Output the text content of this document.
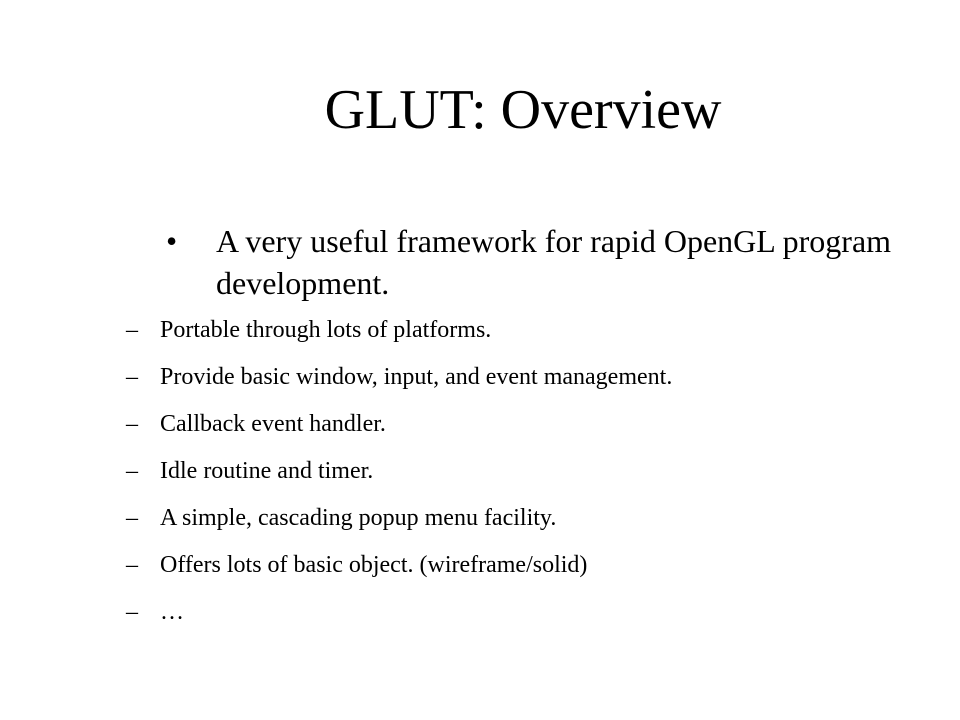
GLUT: Overview
• A very useful framework for rapid OpenGL program development.
– Portable through lots of platforms.
– Provide basic window, input, and event management.
– Callback event handler.
– Idle routine and timer.
– A simple, cascading popup menu facility.
– Offers lots of basic object. (wireframe/solid)
– …
